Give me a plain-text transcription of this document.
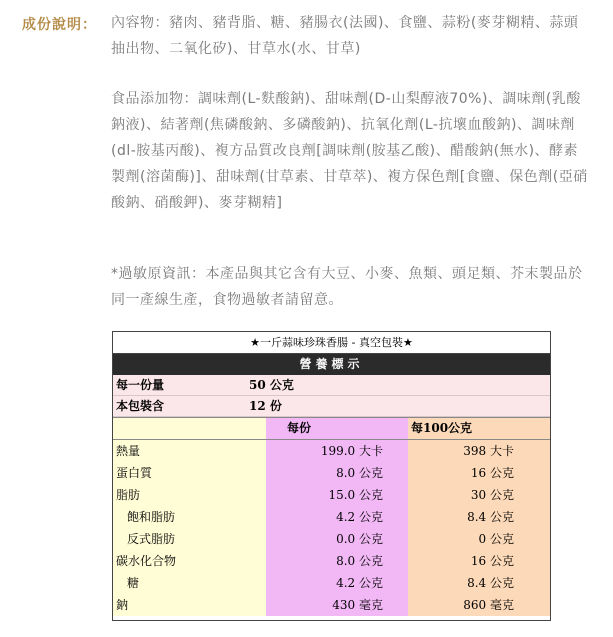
成份說明： 內容物：豬肉、豬背脂、糖、豬腸衣(法國)、食鹽、蒜粉(麥芽糊精、蒜頭抽出物、二氧化矽)、甘草水(水、甘草)
食品添加物：調味劑(L-麩酸鈉)、甜味劑(D-山梨醇液70%)、調味劑(乳酸鈉液)、結著劑(焦磷酸鈉、多磷酸鈉)、抗氧化劑(L-抗壞血酸鈉)、調味劑(dl-胺基丙酸)、複方品質改良劑[調味劑(胺基乙酸)、醋酸鈉(無水)、酵素製劑(溶菌酶)]、甜味劑(甘草素、甘草萃)、複方保色劑[食鹽、保色劑(亞硝酸鈉、硝酸鉀)、麥芽糊精]
*過敏原資訊：本產品與其它含有大豆、小麥、魚類、頭足類、芥末製品於同一產線生產，食物過敏者請留意。
★一斤蒜味珍珠香腸 - 真空包裝★
營養標示
每一份量	50 公克
本包裝含	12 份
每份	每100公克
熱量	199.0 大卡	398 大卡
蛋白質	8.0 公克	16 公克
脂肪	15.0 公克	30 公克
飽和脂肪	4.2 公克	8.4 公克
反式脂肪	0.0 公克	0 公克
碳水化合物	8.0 公克	16 公克
糖	4.2 公克	8.4 公克
鈉	430 毫克	860 毫克
